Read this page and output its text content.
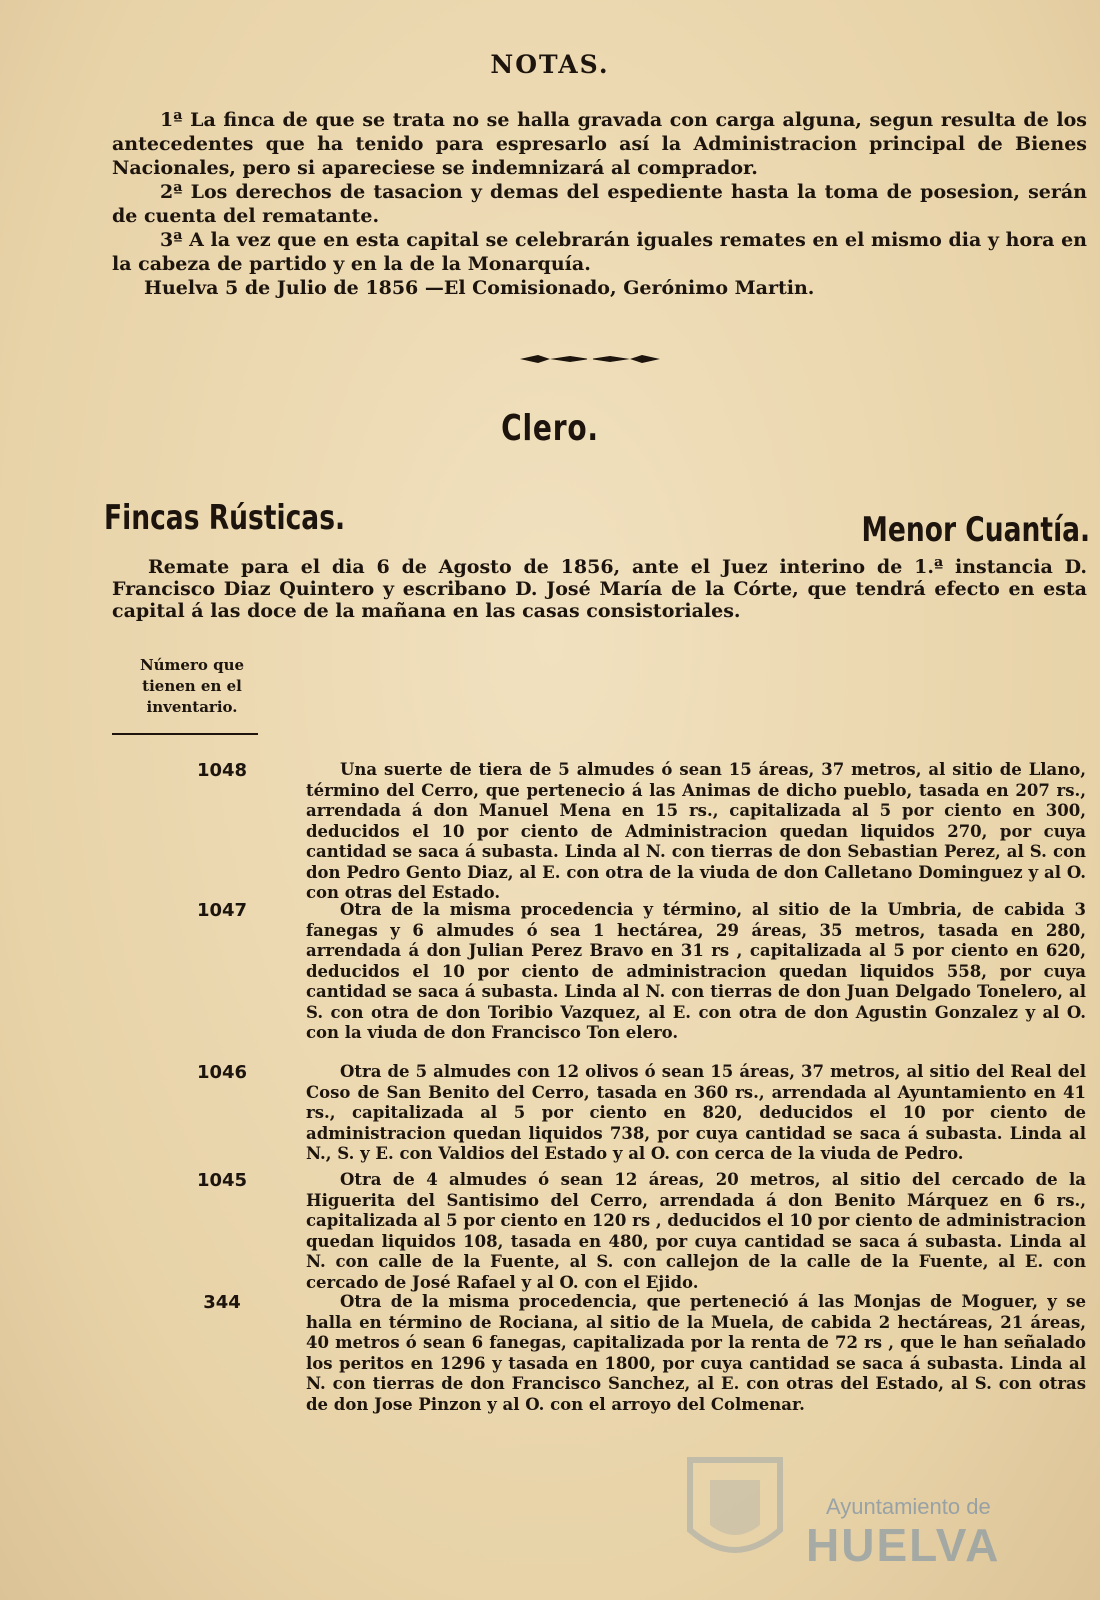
NOTAS.

1ª La finca de que se trata no se halla gravada con carga alguna, segun resulta de los antecedentes que ha tenido para espresarlo así la Administracion principal de Bienes Nacionales, pero si apareciese se indemnizará al comprador.

2ª Los derechos de tasacion y demas del espediente hasta la toma de posesion, serán de cuenta del rematante.

3ª A la vez que en esta capital se celebrarán iguales remates en el mismo dia y hora en la cabeza de partido y en la de la Monarquía.

Huelva 5 de Julio de 1856 —El Comisionado, Gerónimo Martin.

Clero.
Fincas Rústicas.	Menor Cuantía.
Remate para el dia 6 de Agosto de 1856, ante el Juez interino de 1.ª instancia D. Francisco Diaz Quintero y escribano D. José María de la Córte, que tendrá efecto en esta capital á las doce de la mañana en las casas consistoriales.
Número que tienen en el inventario.
1048	Una suerte de tiera de 5 almudes ó sean 15 áreas, 37 metros, al sitio de Llano, término del Cerro, que pertenecio á las Animas de dicho pueblo, tasada en 207 rs., arrendada á don Manuel Mena en 15 rs., capitalizada al 5 por ciento en 300, deducidos el 10 por ciento de Administracion quedan liquidos 270, por cuya cantidad se saca á subasta. Linda al N. con tierras de don Sebastian Perez, al S. con don Pedro Gento Diaz, al E. con otra de la viuda de don Calletano Dominguez y al O. con otras del Estado.
1047	Otra de la misma procedencia y término, al sitio de la Umbria, de cabida 3 fanegas y 6 almudes ó sea 1 hectárea, 29 áreas, 35 metros, tasada en 280, arrendada á don Julian Perez Bravo en 31 rs , capitalizada al 5 por ciento en 620, deducidos el 10 por ciento de administracion quedan liquidos 558, por cuya cantidad se saca á subasta. Linda al N. con tierras de don Juan Delgado Tonelero, al S. con otra de don Toribio Vazquez, al E. con otra de don Agustin Gonzalez y al O. con la viuda de don Francisco Ton elero.
1046	Otra de 5 almudes con 12 olivos ó sean 15 áreas, 37 metros, al sitio del Real del Coso de San Benito del Cerro, tasada en 360 rs., arrendada al Ayuntamiento en 41 rs., capitalizada al 5 por ciento en 820, deducidos el 10 por ciento de administracion quedan liquidos 738, por cuya cantidad se saca á subasta. Linda al N., S. y E. con Valdios del Estado y al O. con cerca de la viuda de Pedro.
1045	Otra de 4 almudes ó sean 12 áreas, 20 metros, al sitio del cercado de la Higuerita del Santisimo del Cerro, arrendada á don Benito Márquez en 6 rs., capitalizada al 5 por ciento en 120 rs , deducidos el 10 por ciento de administracion quedan liquidos 108, tasada en 480, por cuya cantidad se saca á subasta. Linda al N. con calle de la Fuente, al S. con callejon de la calle de la Fuente, al E. con cercado de José Rafael y al O. con el Ejido.
344	Otra de la misma procedencia, que perteneció á las Monjas de Moguer, y se halla en término de Rociana, al sitio de la Muela, de cabida 2 hectáreas, 21 áreas, 40 metros ó sean 6 fanegas, capitalizada por la renta de 72 rs , que le han señalado los peritos en 1296 y tasada en 1800, por cuya cantidad se saca á subasta. Linda al N. con tierras de don Francisco Sanchez, al E. con otras del Estado, al S. con otras de don Jose Pinzon y al O. con el arroyo del Colmenar.
Ayuntamiento de
HUELVA
